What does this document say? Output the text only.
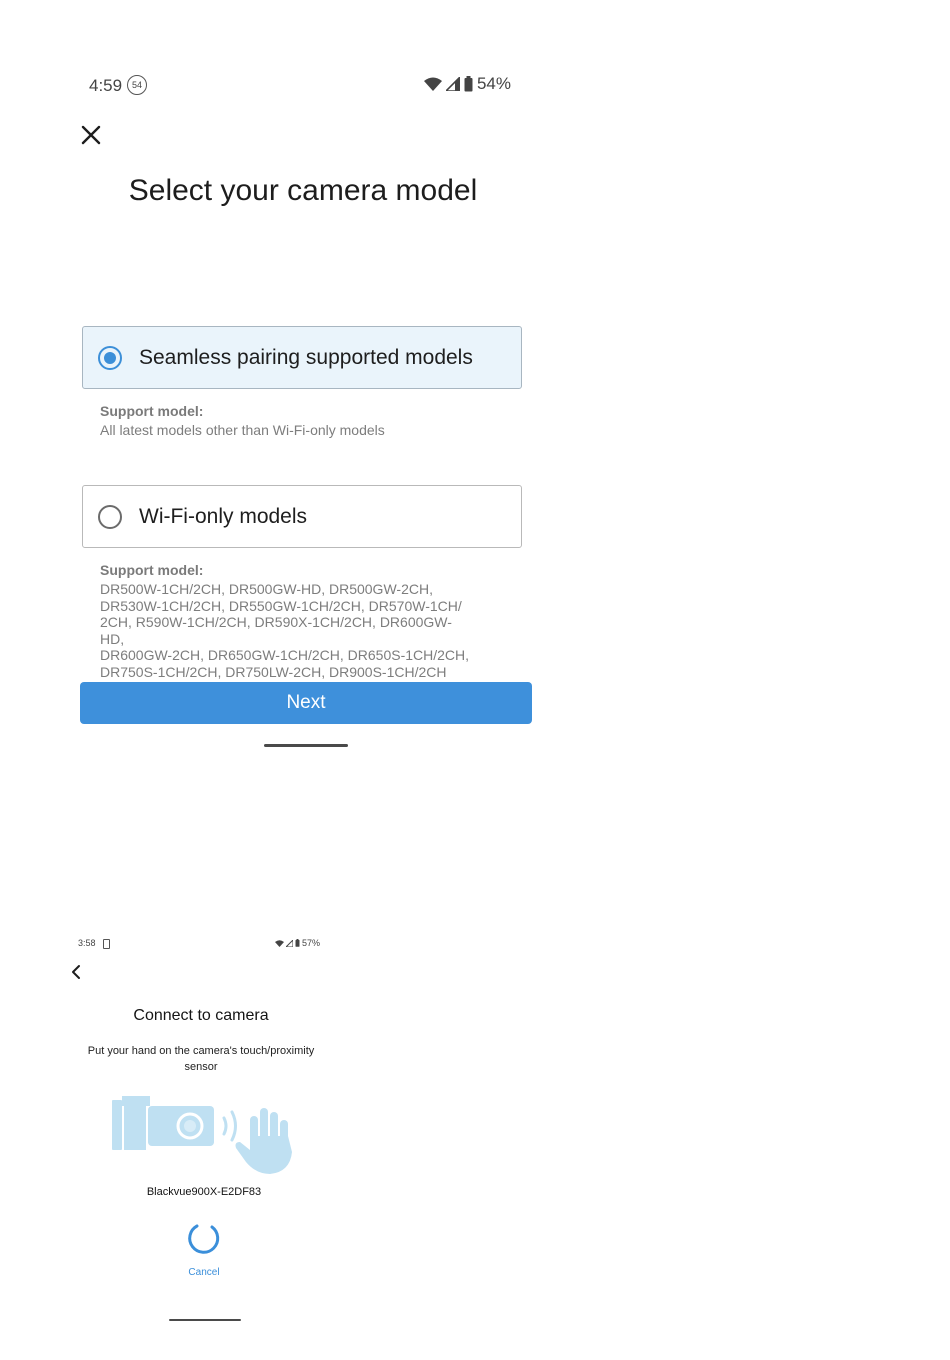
4:59	54	54%
Select your camera model
Seamless pairing supported models
Support model:
All latest models other than Wi-Fi-only models
Wi-Fi-only models
Support model:
DR500W-1CH/2CH, DR500GW-HD, DR500GW-2CH,
DR530W-1CH/2CH, DR550GW-1CH/2CH, DR570W-1CH/
2CH, R590W-1CH/2CH, DR590X-1CH/2CH, DR600GW-HD,
DR600GW-2CH, DR650GW-1CH/2CH, DR650S-1CH/2CH,
DR750S-1CH/2CH, DR750LW-2CH, DR900S-1CH/2CH
Next
3:58	57%
Connect to camera
Put your hand on the camera's touch/proximity
sensor
Blackvue900X-E2DF83
Cancel
